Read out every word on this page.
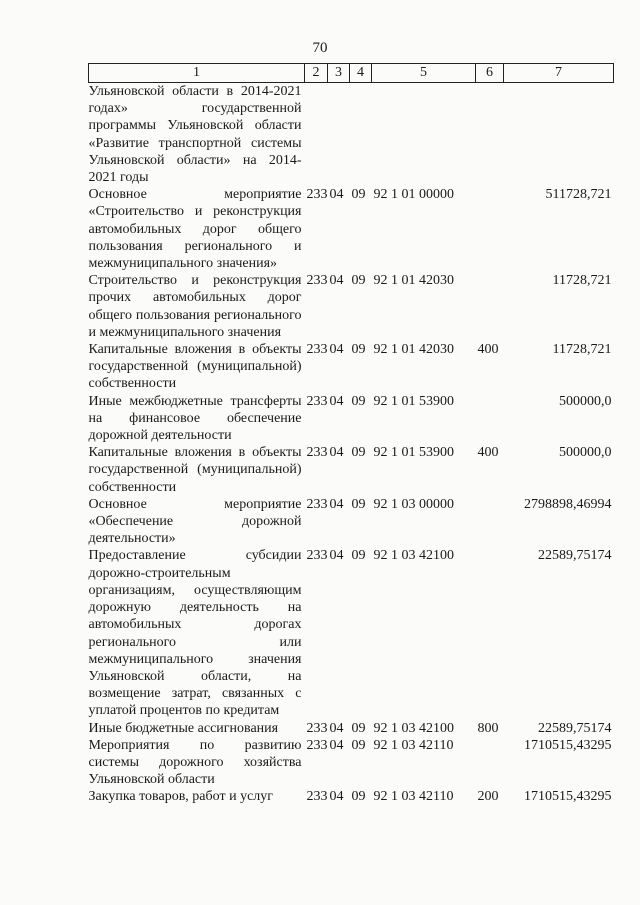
70
1	2	3	4	5	6	7
Ульяновской области в 2014-2021 годах» государственной программы Ульяновской области «Развитие транспортной системы Ульяновской области» на 2014-2021 годы						
Основное мероприятие «Строительство и реконструкция автомобильных дорог общего пользования регионального и межмуниципального значения»	233	04	09	92 1 01 00000		511728,721
Строительство и реконструкция прочих автомобильных дорог общего пользования регионального и межмуниципального значения	233	04	09	92 1 01 42030		11728,721
Капитальные вложения в объекты государственной (муниципальной) собственности	233	04	09	92 1 01 42030	400	11728,721
Иные межбюджетные трансферты на финансовое обеспечение дорожной деятельности	233	04	09	92 1 01 53900		500000,0
Капитальные вложения в объекты государственной (муниципальной) собственности	233	04	09	92 1 01 53900	400	500000,0
Основное мероприятие «Обеспечение дорожной деятельности»	233	04	09	92 1 03 00000		2798898,46994
Предоставление субсидии дорожно-строительным организациям, осуществляющим дорожную деятельность на автомобильных дорогах регионального или межмуниципального значения Ульяновской области, на возмещение затрат, связанных с уплатой процентов по кредитам	233	04	09	92 1 03 42100		22589,75174
Иные бюджетные ассигнования	233	04	09	92 1 03 42100	800	22589,75174
Мероприятия по развитию системы дорожного хозяйства Ульяновской области	233	04	09	92 1 03 42110		1710515,43295
Закупка товаров, работ и услуг	233	04	09	92 1 03 42110	200	1710515,43295
